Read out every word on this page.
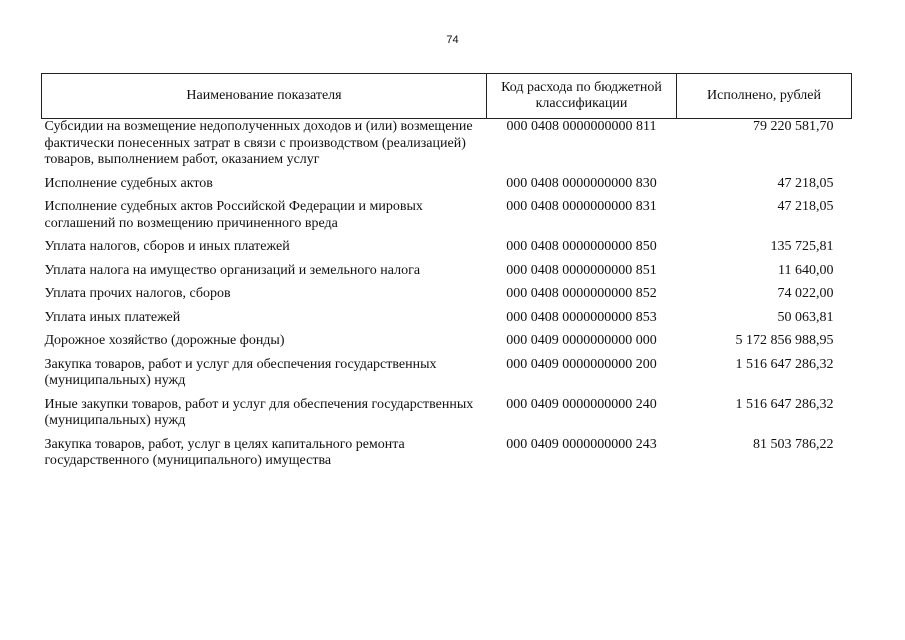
74
Наименование показателя	Код расхода по бюджетной классификации	Исполнено, рублей
Субсидии на возмещение недополученных доходов и (или) возмещение фактически понесенных затрат в связи с производством (реализацией) товаров, выполнением работ, оказанием услуг	000 0408 0000000000 811	79 220 581,70
Исполнение судебных актов	000 0408 0000000000 830	47 218,05
Исполнение судебных актов Российской Федерации и мировых соглашений по возмещению причиненного вреда	000 0408 0000000000 831	47 218,05
Уплата налогов, сборов и иных платежей	000 0408 0000000000 850	135 725,81
Уплата налога на имущество организаций и земельного налога	000 0408 0000000000 851	11 640,00
Уплата прочих налогов, сборов	000 0408 0000000000 852	74 022,00
Уплата иных платежей	000 0408 0000000000 853	50 063,81
Дорожное хозяйство (дорожные фонды)	000 0409 0000000000 000	5 172 856 988,95
Закупка товаров, работ и услуг для обеспечения государственных (муниципальных) нужд	000 0409 0000000000 200	1 516 647 286,32
Иные закупки товаров, работ и услуг для обеспечения государственных (муниципальных) нужд	000 0409 0000000000 240	1 516 647 286,32
Закупка товаров, работ, услуг в целях капитального ремонта государственного (муниципального) имущества	000 0409 0000000000 243	81 503 786,22
